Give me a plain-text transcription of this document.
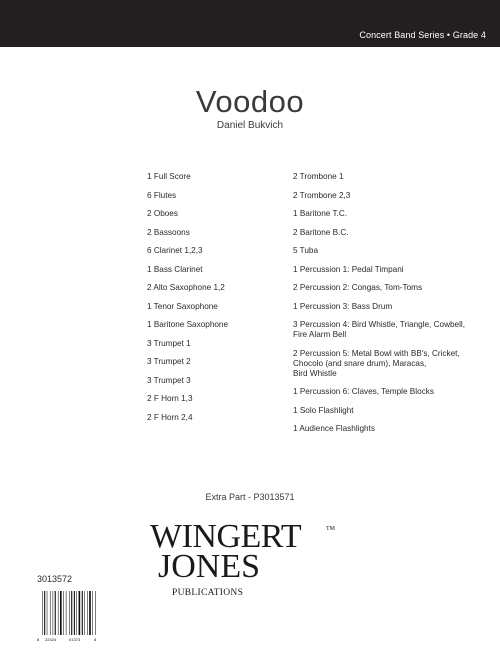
Concert Band Series • Grade 4
Voodoo
Daniel Bukvich
1 Full Score
6 Flutes
2 Oboes
2 Bassoons
6 Clarinet 1,2,3
1 Bass Clarinet
2 Alto Saxophone 1,2
1 Tenor Saxophone
1 Baritone Saxophone
3 Trumpet 1
3 Trumpet 2
3 Trumpet 3
2 F Horn 1,3
2 F Horn 2,4
2 Trombone 1
2 Trombone 2,3
1 Baritone T.C.
2 Baritone B.C.
5 Tuba
1 Percussion 1: Pedal Timpani
2 Percussion 2: Congas, Tom-Toms
1 Percussion 3: Bass Drum
3 Percussion 4: Bird Whistle, Triangle, Cowbell,
Fire Alarm Bell
2 Percussion 5: Metal Bowl with BB's, Cricket,
Chocolo (and snare drum), Maracas,
Bird Whistle
1 Percussion 6: Claves, Temple Blocks
1 Solo Flashlight
1 Audience Flashlights
Extra Part - P3013571
WINGERT	TM
JONES
PUBLICATIONS
3013572
8 22424	01373	8
